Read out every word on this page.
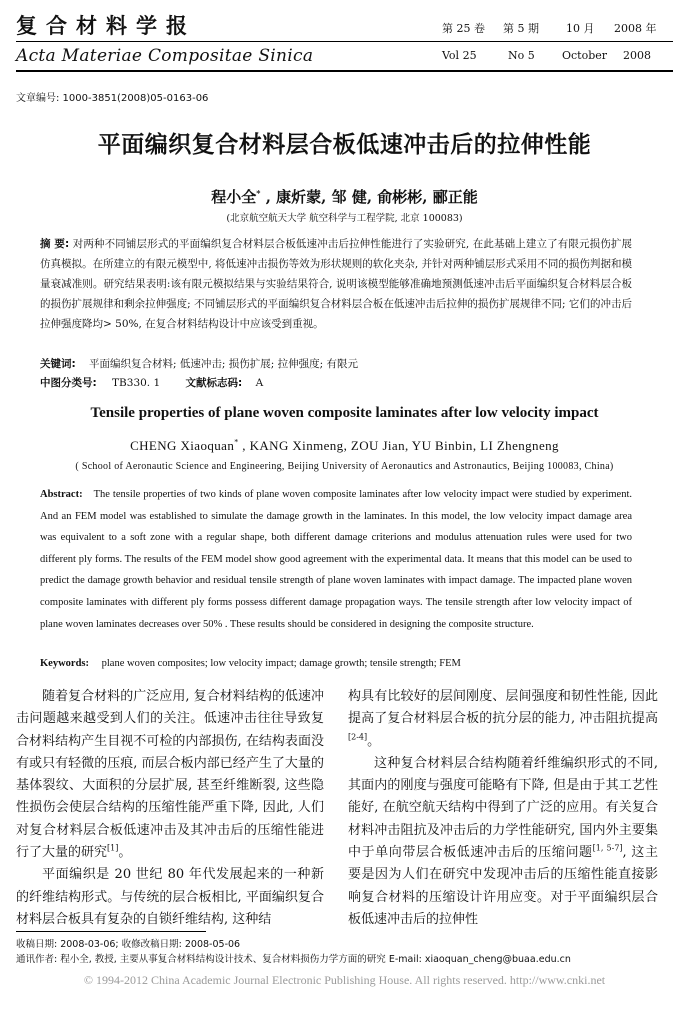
复合材料学报
Acta Materiae Compositae Sinica
第 25 卷 第 5 期 10 月 2008 年
Vol 25	No 5 October 2008
文章编号: 1000-3851(2008)05-0163-06
平面编织复合材料层合板低速冲击后的拉伸性能
程小全* , 康炘蒙, 邹 健, 俞彬彬, 郦正能
(北京航空航天大学 航空科学与工程学院, 北京 100083)
摘 要: 对两种不同铺层形式的平面编织复合材料层合板低速冲击后拉伸性能进行了实验研究, 在此基础上建立了有限元损伤扩展仿真模拟。在所建立的有限元模型中, 将低速冲击损伤等效为形状规则的软化夹杂, 并针对两种铺层形式采用不同的损伤判据和模量衰减准则。研究结果表明:该有限元模拟结果与实验结果符合, 说明该模型能够准确地预测低速冲击后平面编织复合材料层合板的损伤扩展规律和剩余拉伸强度; 不同铺层形式的平面编织复合材料层合板在低速冲击后拉伸的损伤扩展规律不同; 它们的冲击后拉伸强度降均> 50%, 在复合材料结构设计中应该受到重视。
关键词: 平面编织复合材料; 低速冲击; 损伤扩展; 拉伸强度; 有限元
中图分类号: TB330. 1 文献标志码: A
Tensile properties of plane woven composite laminates after low velocity impact
CHENG Xiaoquan* , KANG Xinmeng, ZOU Jian, YU Binbin, LI Zhengneng
( School of Aeronautic Science and Engineering, Beijing University of Aeronautics and Astronautics, Beijing 100083, China)
Abstract: The tensile properties of two kinds of plane woven composite laminates after low velocity impact were studied by experiment. And an FEM model was established to simulate the damage growth in the laminates. In this model, the low velocity impact damage area was equivalent to a soft zone with a regular shape, both different damage criterions and modulus attenuation rules were used for two different ply forms. The results of the FEM model show good agreement with the experimental data. It means that this model can be used to predict the damage growth behavior and residual tensile strength of plane woven laminates with impact damage. The impacted plane woven composite laminates with different ply forms possess different damage propagation ways. The tensile strength after low velocity impact of plane woven laminates decreases over 50% . These results should be considered in designing the composite structure.
Keywords: plane woven composites; low velocity impact; damage growth; tensile strength; FEM

随着复合材料的广泛应用, 复合材料结构的低速冲击问题越来越受到人们的关注。低速冲击往往导致复合材料结构产生目视不可检的内部损伤, 在结构表面没有或只有轻微的压痕, 而层合板内部已经产生了大量的基体裂纹、大面积的分层扩展, 甚至纤维断裂, 这些隐性损伤会使层合结构的压缩性能严重下降, 因此, 人们对复合材料层合板低速冲击及其冲击后的压缩性能进行了大量的研究[1]。

平面编织是 20 世纪 80 年代发展起来的一种新的纤维结构形式。与传统的层合板相比, 平面编织复合材料层合板具有复杂的自锁纤维结构, 这种结

构具有比较好的层间刚度、层间强度和韧性性能, 因此提高了复合材料层合板的抗分层的能力, 冲击阻抗提高[2-4]。

这种复合材料层合结构随着纤维编织形式的不同, 其面内的刚度与强度可能略有下降, 但是由于其工艺性能好, 在航空航天结构中得到了广泛的应用。有关复合材料冲击阻抗及冲击后的力学性能研究, 国内外主要集中于单向带层合板低速冲击后的压缩问题[1, 5-7], 这主要是因为人们在研究中发现冲击后的压缩性能直接影响复合材料的压缩设计许用应变。对于平面编织层合板低速冲击后的拉伸性

收稿日期: 2008-03-06; 收修改稿日期: 2008-05-06
通讯作者: 程小全, 教授, 主要从事复合材料结构设计技术、复合材料损伤力学方面的研究 E-mail: xiaoquan_cheng@buaa.edu.cn
© 1994-2012 China Academic Journal Electronic Publishing House. All rights reserved. http://www.cnki.net
